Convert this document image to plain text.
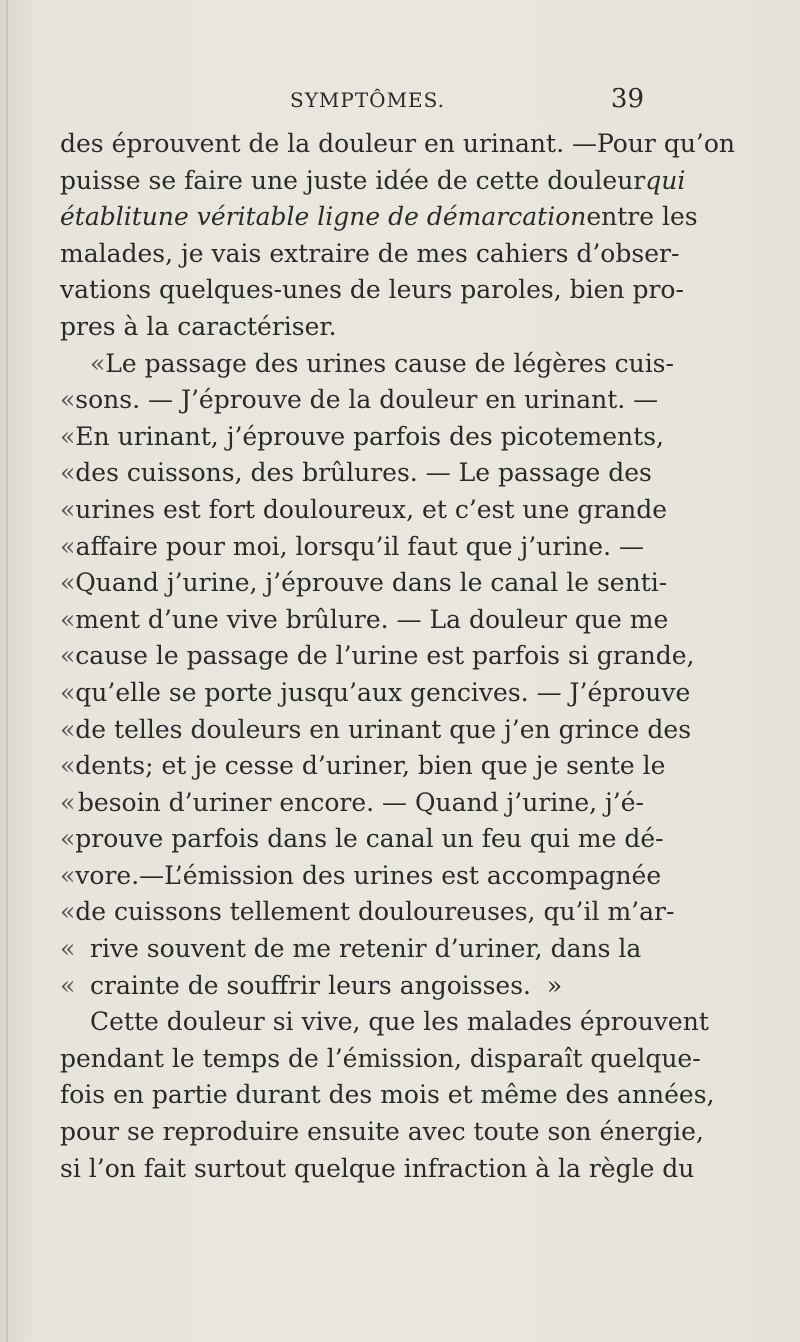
SYMPTÔMES.	39
des éprouvent de la douleur en urinant. —Pour qu’on
puisse se faire une juste idée de cette douleur qui
établit une véritable ligne de démarcation entre les
malades, je vais extraire de mes cahiers d’obser-
vations quelques-unes de leurs paroles, bien pro-
pres à la caractériser.
« Le passage des urines cause de légères cuis-
« sons. — J’éprouve de la douleur en urinant. —
« En urinant, j’éprouve parfois des picotements,
« des cuissons, des brûlures. — Le passage des
« urines est fort douloureux, et c’est une grande
« affaire pour moi, lorsqu’il faut que j’urine. —
« Quand j’urine, j’éprouve dans le canal le senti-
« ment d’une vive brûlure. — La douleur que me
« cause le passage de l’urine est parfois si grande,
« qu’elle se porte jusqu’aux gencives. — J’éprouve
« de telles douleurs en urinant que j’en grince des
« dents; et je cesse d’uriner, bien que je sente le
« besoin d’uriner encore. — Quand j’urine, j’é-
« prouve parfois dans le canal un feu qui me dé-
« vore.—L’émission des urines est accompagnée
« de cuissons tellement douloureuses, qu’il m’ar-
« rive souvent de me retenir d’uriner, dans la
« crainte de souffrir leurs angoisses.
»
Cette douleur si vive, que les malades éprouvent
pendant le temps de l’émission, disparaît quelque-
fois en partie durant des mois et même des années,
pour se reproduire ensuite avec toute son énergie,
si l’on fait surtout quelque infraction à la règle du
